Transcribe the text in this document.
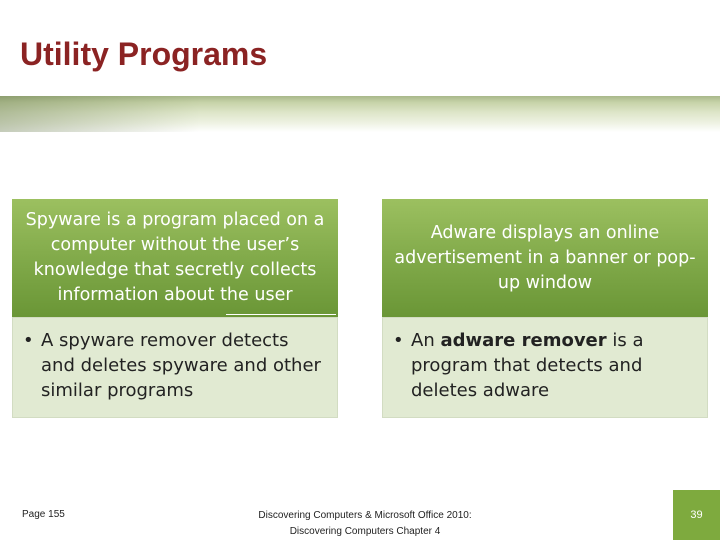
Utility Programs
Spyware is a program placed on a computer without the user’s knowledge that secretly collects information about the user
• A spyware remover detects and deletes spyware and other similar programs
Adware displays an online advertisement in a banner or pop-up window
• An adware remover is a program that detects and deletes adware
Page 155	Discovering Computers & Microsoft Office 2010:
Discovering Computers Chapter 4
39
